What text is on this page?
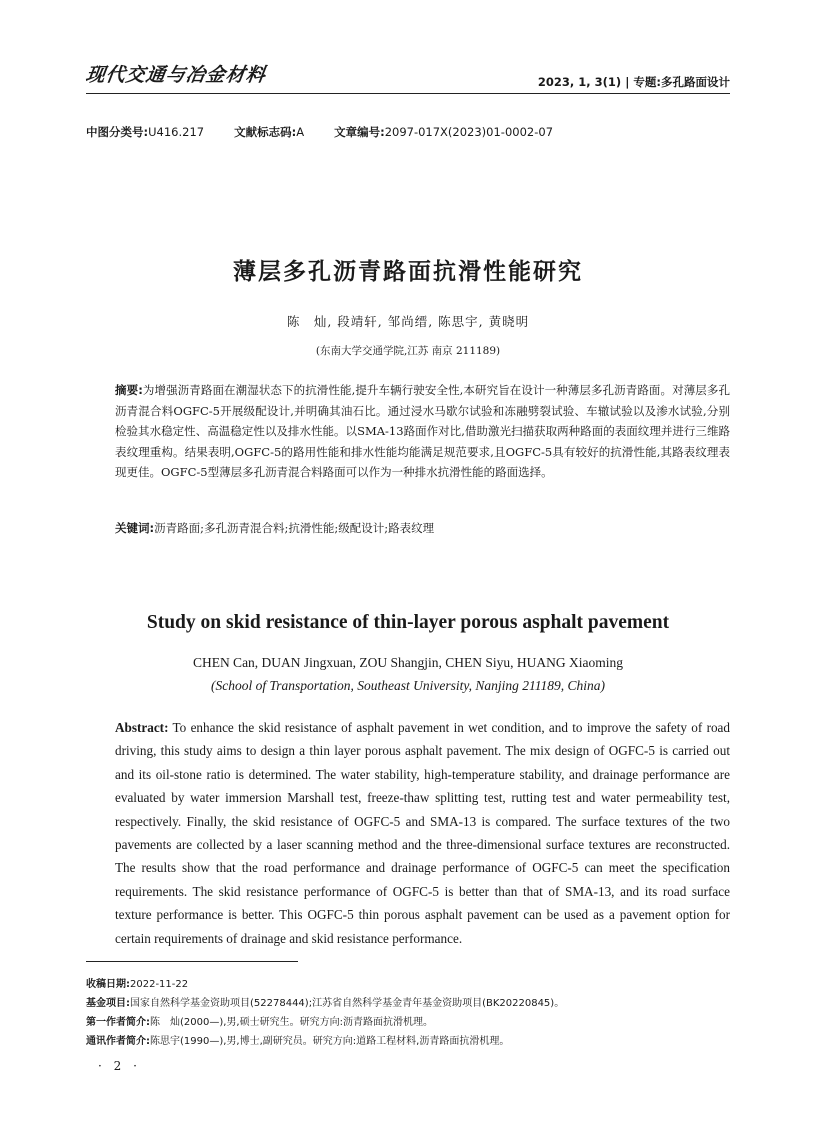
现代交通与冶金材料	2023, 1, 3(1) | 专题:多孔路面设计
中图分类号:U416.217	文献标志码:A	文章编号:2097-017X(2023)01-0002-07
薄层多孔沥青路面抗滑性能研究
陈　灿, 段靖轩, 邹尚缙, 陈思宇, 黄晓明
(东南大学交通学院,江苏 南京 211189)
摘要:为增强沥青路面在潮湿状态下的抗滑性能,提升车辆行驶安全性,本研究旨在设计一种薄层多孔沥青路面。对薄层多孔沥青混合料OGFC-5开展级配设计,并明确其油石比。通过浸水马歇尔试验和冻融劈裂试验、车辙试验以及渗水试验,分别检验其水稳定性、高温稳定性以及排水性能。以SMA-13路面作对比,借助激光扫描获取两种路面的表面纹理并进行三维路表纹理重构。结果表明,OGFC-5的路用性能和排水性能均能满足规范要求,且OGFC-5具有较好的抗滑性能,其路表纹理表现更佳。OGFC-5型薄层多孔沥青混合料路面可以作为一种排水抗滑性能的路面选择。
关键词:沥青路面;多孔沥青混合料;抗滑性能;级配设计;路表纹理
Study on skid resistance of thin-layer porous asphalt pavement
CHEN Can, DUAN Jingxuan, ZOU Shangjin, CHEN Siyu, HUANG Xiaoming
(School of Transportation, Southeast University, Nanjing 211189, China)
Abstract: To enhance the skid resistance of asphalt pavement in wet condition, and to improve the safety of road driving, this study aims to design a thin layer porous asphalt pavement. The mix design of OGFC-5 is carried out and its oil-stone ratio is determined. The water stability, high-temperature stability, and drainage performance are evaluated by water immersion Marshall test, freeze-thaw splitting test, rutting test and water permeability test, respectively. Finally, the skid resistance of OGFC-5 and SMA-13 is compared. The surface textures of the two pavements are collected by a laser scanning method and the three-dimensional surface textures are reconstructed. The results show that the road performance and drainage performance of OGFC-5 can meet the specification requirements. The skid resistance performance of OGFC-5 is better than that of SMA-13, and its road surface texture performance is better. This OGFC-5 thin porous asphalt pavement can be used as a pavement option for certain requirements of drainage and skid resistance performance.
收稿日期:2022-11-22
基金项目:国家自然科学基金资助项目(52278444);江苏省自然科学基金青年基金资助项目(BK20220845)。
第一作者简介:陈　灿(2000—),男,硕士研究生。研究方向:沥青路面抗滑机理。
通讯作者简介:陈思宇(1990—),男,博士,副研究员。研究方向:道路工程材料,沥青路面抗滑机理。
· 2 ·
